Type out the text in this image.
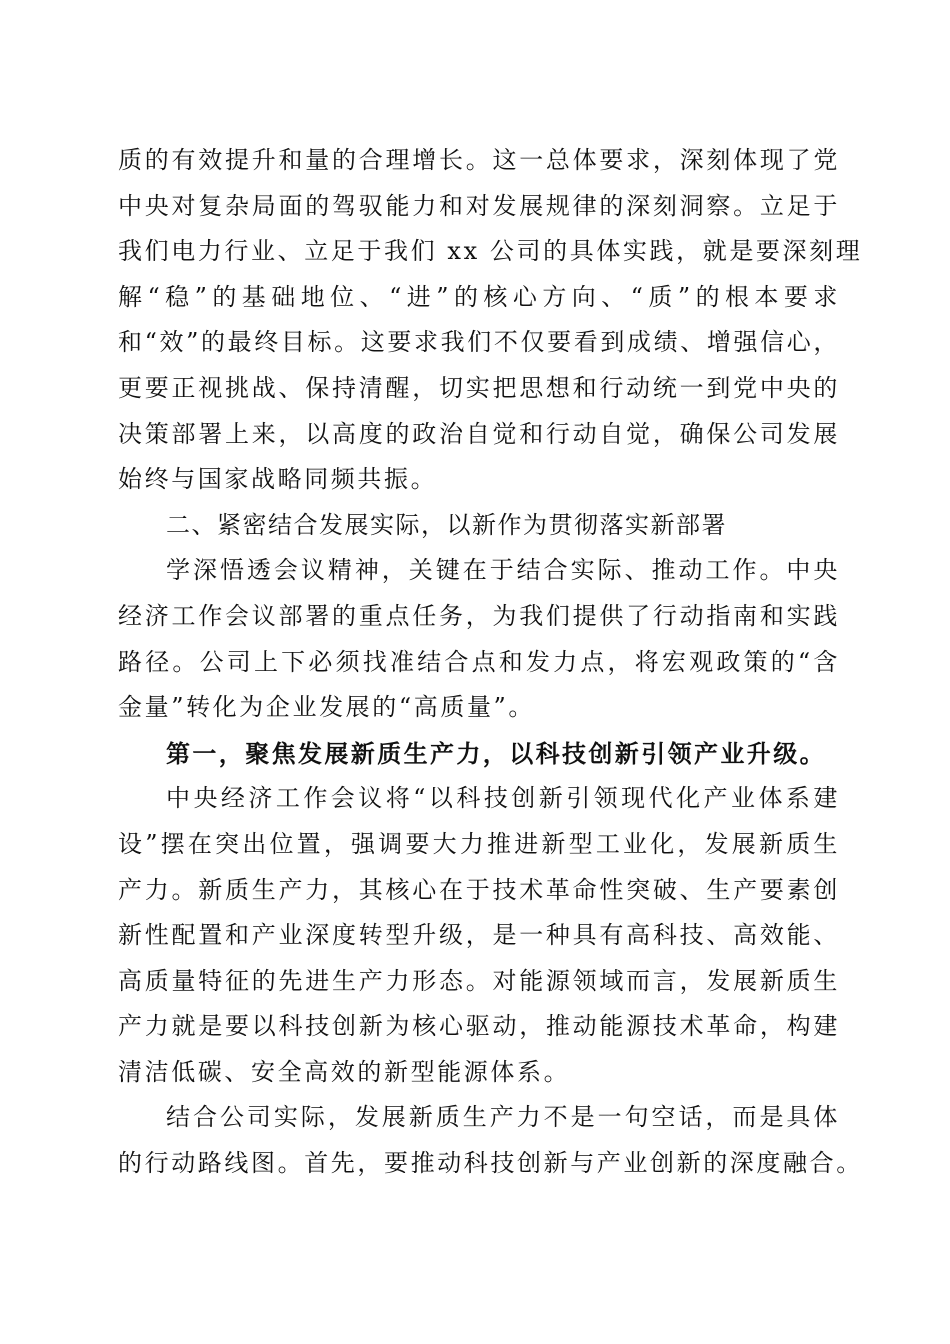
质的有效提升和量的合理增长。这一总体要求，深刻体现了党
中央对复杂局面的驾驭能力和对发展规律的深刻洞察。立足于
我们电力行业、立足于我们 xx 公司的具体实践，就是要深刻理
解“稳”的基础地位、“进”的核心方向、“质”的根本要求
和“效”的最终目标。这要求我们不仅要看到成绩、增强信心，
更要正视挑战、保持清醒，切实把思想和行动统一到党中央的
决策部署上来，以高度的政治自觉和行动自觉，确保公司发展
始终与国家战略同频共振。
二、紧密结合发展实际，以新作为贯彻落实新部署
学深悟透会议精神，关键在于结合实际、推动工作。中央
经济工作会议部署的重点任务，为我们提供了行动指南和实践
路径。公司上下必须找准结合点和发力点，将宏观政策的“含
金量”转化为企业发展的“高质量”。
第一，聚焦发展新质生产力，以科技创新引领产业升级。
中央经济工作会议将“以科技创新引领现代化产业体系建
设”摆在突出位置，强调要大力推进新型工业化，发展新质生
产力。新质生产力，其核心在于技术革命性突破、生产要素创
新性配置和产业深度转型升级，是一种具有高科技、高效能、
高质量特征的先进生产力形态。对能源领域而言，发展新质生
产力就是要以科技创新为核心驱动，推动能源技术革命，构建
清洁低碳、安全高效的新型能源体系。
结合公司实际，发展新质生产力不是一句空话，而是具体
的行动路线图。首先，要推动科技创新与产业创新的深度融合。
